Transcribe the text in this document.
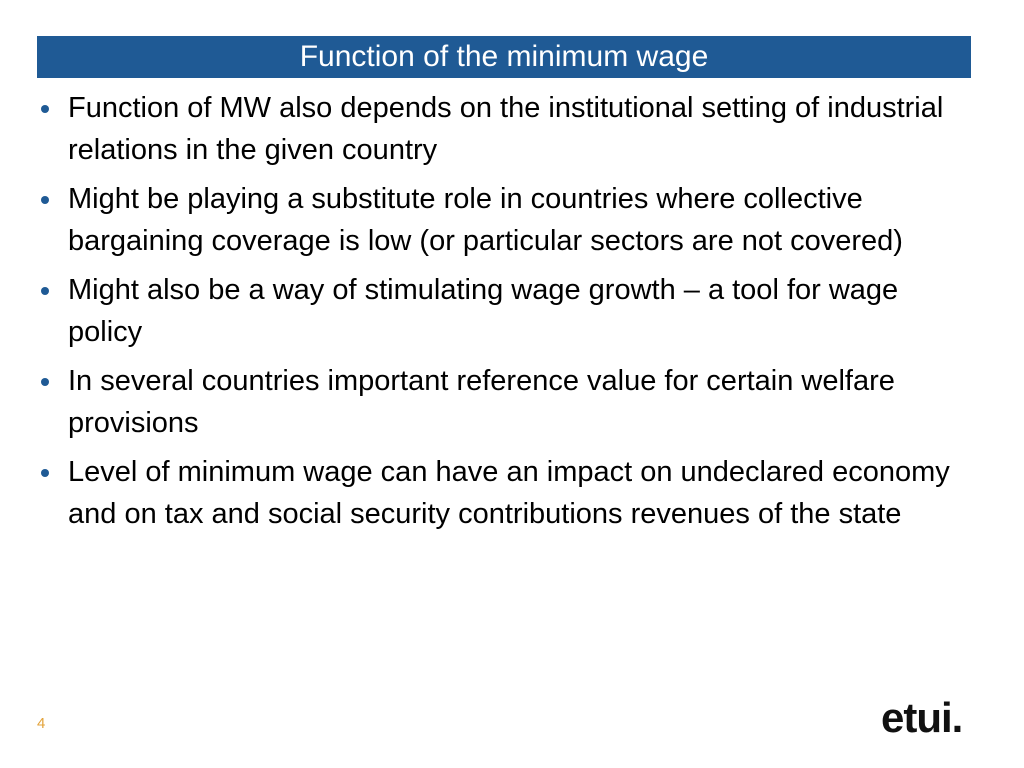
Function of the minimum wage
Function of MW also depends on the institutional setting of industrial relations in the given country
Might be playing a substitute role in countries where collective bargaining coverage is low (or particular sectors are not covered)
Might also be a way of stimulating wage growth – a tool for wage policy
In several countries important reference value for certain welfare provisions
Level of minimum wage can have an impact on undeclared economy and on tax and social security contributions revenues of the state
4	etui.
